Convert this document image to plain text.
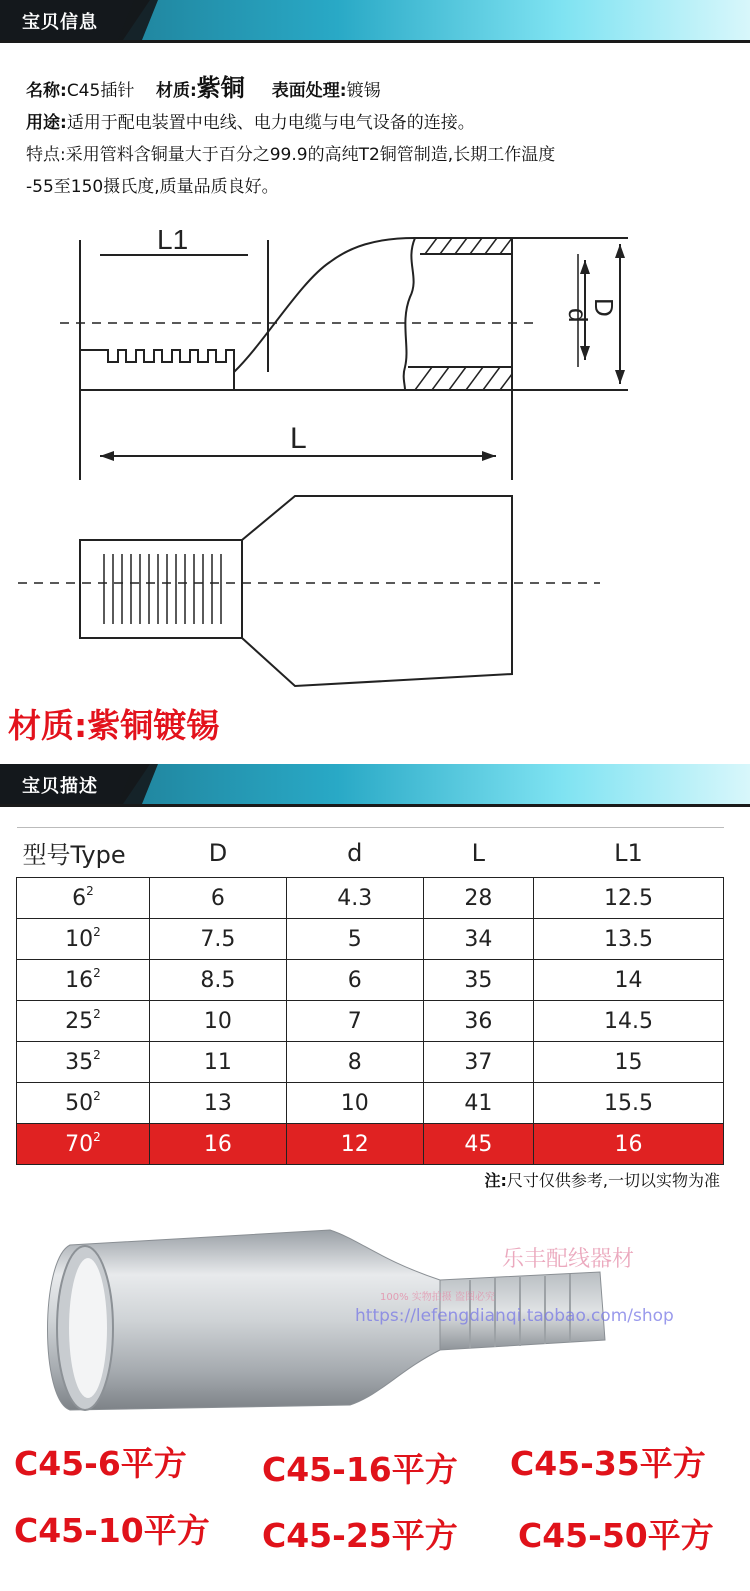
宝贝信息
名称:C45插针 材质:紫铜 表面处理:镀锡
用途:适用于配电装置中电线、电力电缆与电气设备的连接。
特点:采用管料含铜量大于百分之99.9的高纯T2铜管制造,长期工作温度
-55至150摄氏度,质量品质良好。
L1
L
d
D
材质:紫铜镀锡
宝贝描述
型号Type	D	d	L	L1
$6^2$	6	4.3	28	12.5
$10^2$	7.5	5	34	13.5
$16^2$	8.5	6	35	14
$25^2$	10	7	36	14.5
$35^2$	11	8	37	15
$50^2$	13	10	41	15.5
$70^2$	16	12	45	16
注:尺寸仅供参考,一切以实物为准
乐丰配线器材
100% 实物拍摄 盗图必究
https://lefengdianqi.taobao.com/shop
C45-6平方 C45-16平方 C45-35平方
C45-10平方 C45-25平方 C45-50平方
